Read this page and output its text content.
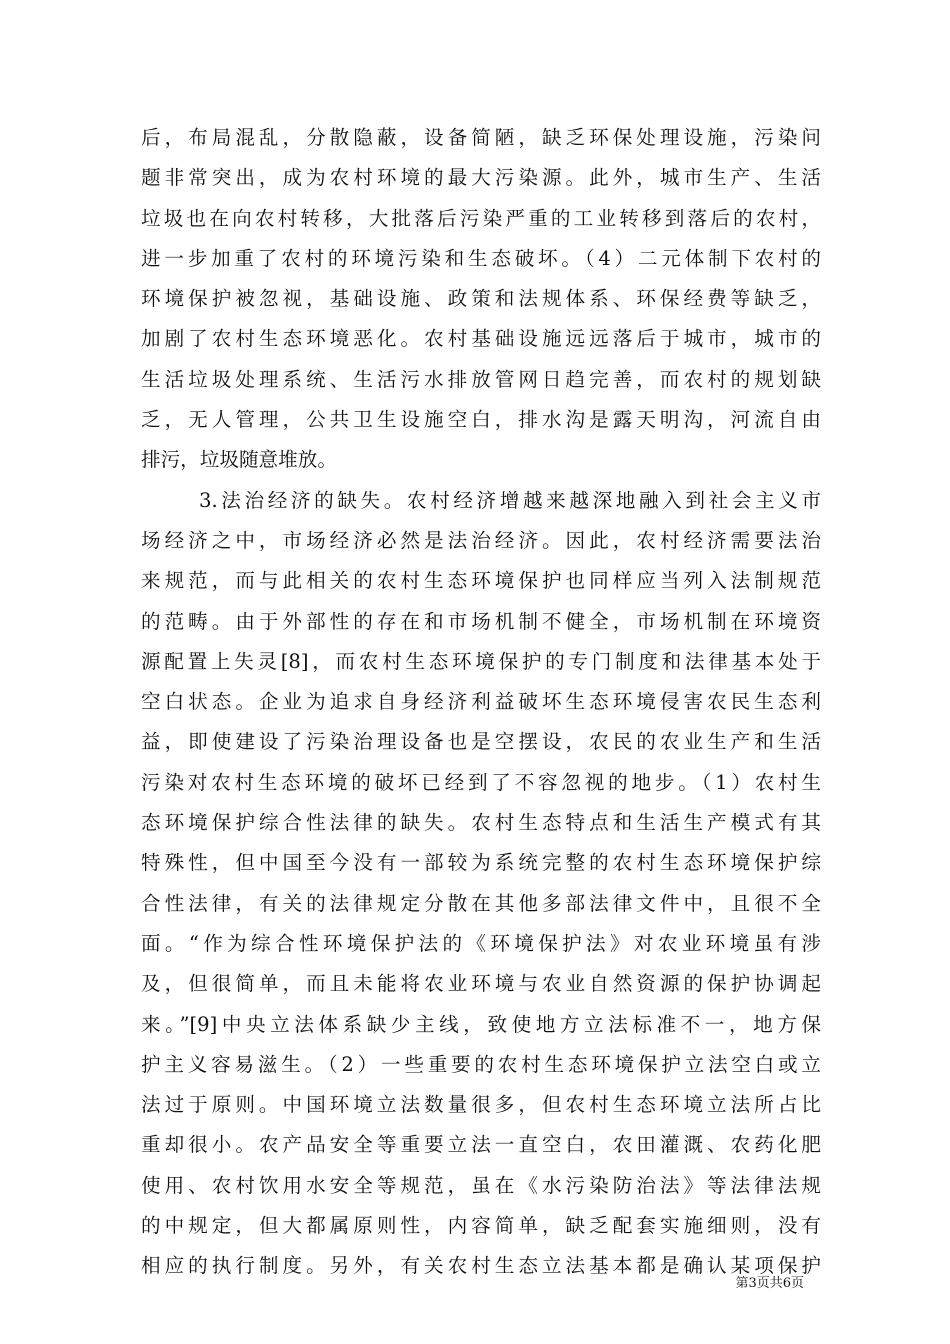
后，布局混乱，分散隐蔽，设备简陋，缺乏环保处理设施，污染问
题非常突出，成为农村环境的最大污染源。此外，城市生产、生活
垃圾也在向农村转移，大批落后污染严重的工业转移到落后的农村，
进一步加重了农村的环境污染和生态破坏。（4）二元体制下农村的
环境保护被忽视，基础设施、政策和法规体系、环保经费等缺乏，
加剧了农村生态环境恶化。农村基础设施远远落后于城市，城市的
生活垃圾处理系统、生活污水排放管网日趋完善，而农村的规划缺
乏，无人管理，公共卫生设施空白，排水沟是露天明沟，河流自由
排污，垃圾随意堆放。
3.法治经济的缺失。农村经济增越来越深地融入到社会主义市
场经济之中，市场经济必然是法治经济。因此，农村经济需要法治
来规范，而与此相关的农村生态环境保护也同样应当列入法制规范
的范畴。由于外部性的存在和市场机制不健全，市场机制在环境资
源配置上失灵[8]，而农村生态环境保护的专门制度和法律基本处于
空白状态。企业为追求自身经济利益破坏生态环境侵害农民生态利
益，即使建设了污染治理设备也是空摆设，农民的农业生产和生活
污染对农村生态环境的破坏已经到了不容忽视的地步。（1）农村生
态环境保护综合性法律的缺失。农村生态特点和生活生产模式有其
特殊性，但中国至今没有一部较为系统完整的农村生态环境保护综
合性法律，有关的法律规定分散在其他多部法律文件中，且很不全
面。“作为综合性环境保护法的《环境保护法》对农业环境虽有涉
及，但很简单，而且未能将农业环境与农业自然资源的保护协调起
来。”[9]中央立法体系缺少主线，致使地方立法标准不一，地方保
护主义容易滋生。（2）一些重要的农村生态环境保护立法空白或立
法过于原则。中国环境立法数量很多，但农村生态环境立法所占比
重却很小。农产品安全等重要立法一直空白，农田灌溉、农药化肥
使用、农村饮用水安全等规范，虽在《水污染防治法》等法律法规
的中规定，但大都属原则性，内容简单，缺乏配套实施细则，没有
相应的执行制度。另外，有关农村生态立法基本都是确认某项保护
第3页共6页
